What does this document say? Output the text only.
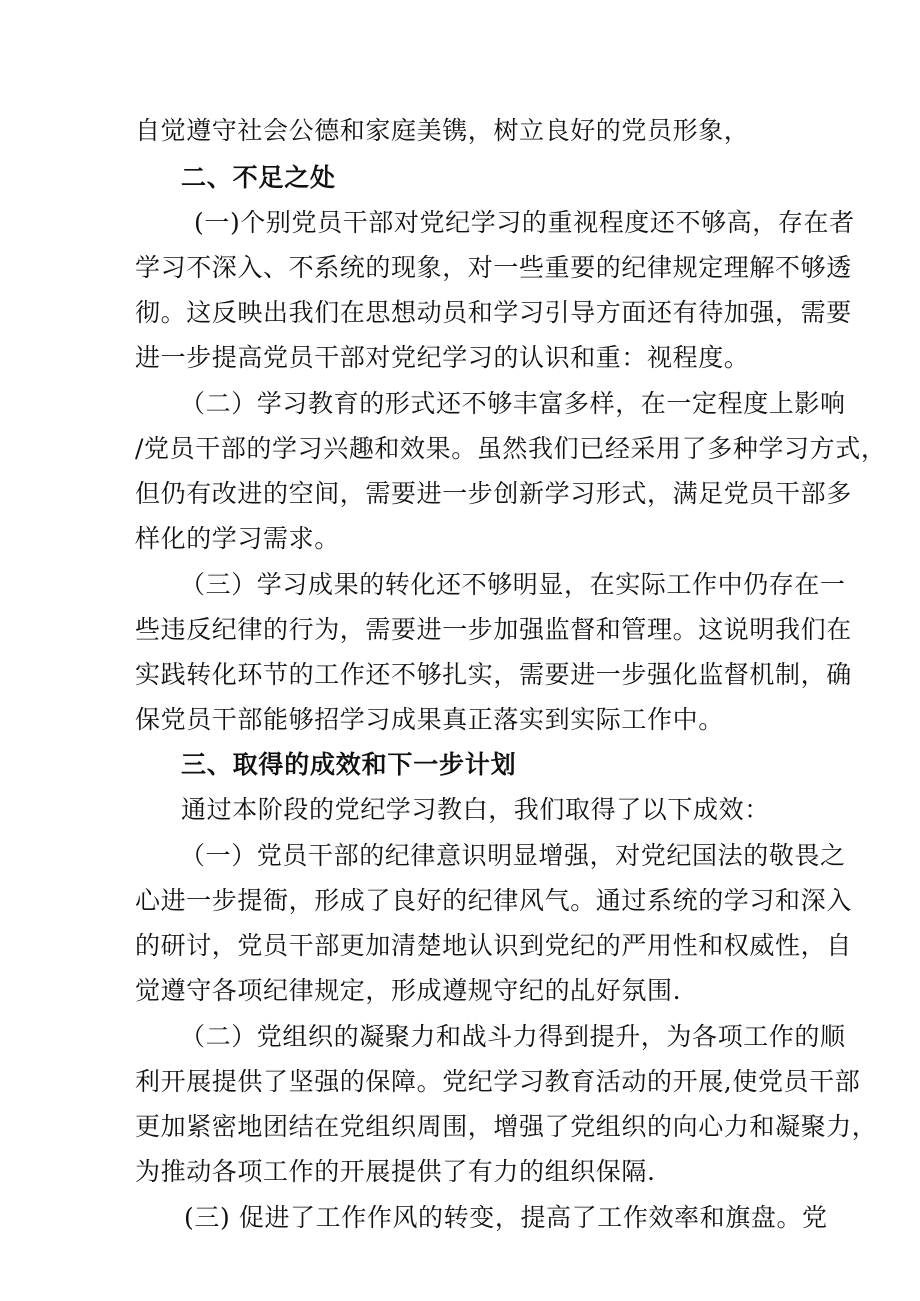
自觉遵守社会公德和家庭美镌，树立良好的党员形象，
二、不足之处
(一)个别党员干部对党纪学习的重视程度还不够高，存在者
学习不深入、不系统的现象，对一些重要的纪律规定理解不够透
彻。这反映出我们在思想动员和学习引导方面还有待加强，需要
进一步提高党员干部对党纪学习的认识和重：视程度。
（二）学习教育的形式还不够丰富多样，在一定程度上影响
/党员干部的学习兴趣和效果。虽然我们已经采用了多种学习方式，
但仍有改进的空间，需要进一步创新学习形式，满足党员干部多
样化的学习需求。
（三）学习成果的转化还不够明显，在实际工作中仍存在一
些违反纪律的行为，需要进一步加强监督和管理。这说明我们在
实践转化环节的工作还不够扎实，需要进一步强化监督机制，确
保党员干部能够招学习成果真正落实到实际工作中。
三、取得的成效和下一步计划
通过本阶段的党纪学习教白，我们取得了以下成效：
（一）党员干部的纪律意识明显增强，对党纪国法的敬畏之
心进一步提衙，形成了良好的纪律风气。通过系统的学习和深入
的研讨，党员干部更加清楚地认识到党纪的严用性和权威性，自
觉遵守各项纪律规定，形成遵规守纪的乩好氛围.
（二）党组织的凝聚力和战斗力得到提升，为各项工作的顺
利开展提供了坚强的保障。党纪学习教育活动的开展,使党员干部
更加紧密地团结在党组织周围，增强了党组织的向心力和凝聚力，
为推动各项工作的开展提供了有力的组织保隔.
(三) 促进了工作作风的转变，提高了工作效率和旗盘。党
